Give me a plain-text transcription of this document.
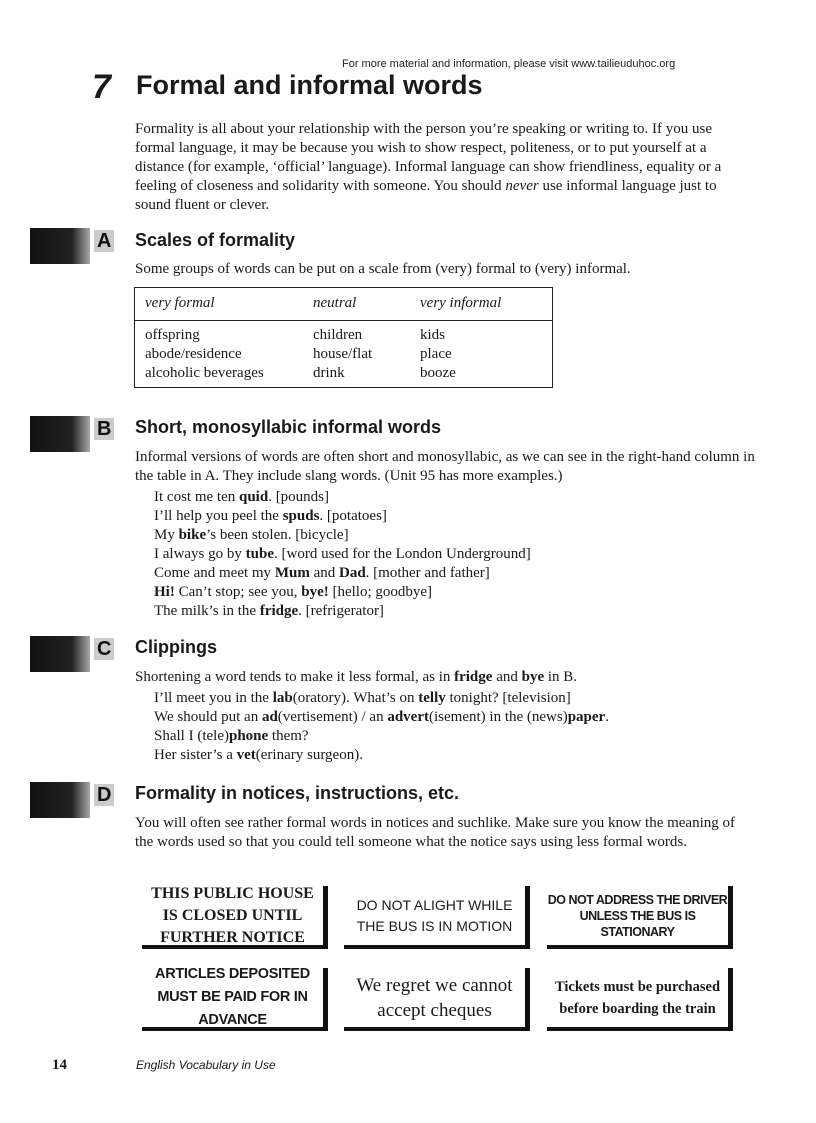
For more material and information, please visit www.tailieuduhoc.org
7 Formal and informal words

Formality is all about your relationship with the person you’re speaking or writing to. If you use formal language, it may be because you wish to show respect, politeness, or to put yourself at a distance (for example, ‘official’ language). Informal language can show friendliness, equality or a feeling of closeness and solidarity with someone. You should never use informal language just to sound fluent or clever.

A Scales of formality
Some groups of words can be put on a scale from (very) formal to (very) informal.
very formal	neutral	very informal
offspring	children	kids
abode/residence	house/flat	place
alcoholic beverages	drink	booze
B Short, monosyllabic informal words
Informal versions of words are often short and monosyllabic, as we can see in the right-hand column in the table in A. They include slang words. (Unit 95 has more examples.)
It cost me ten quid. [pounds]
I’ll help you peel the spuds. [potatoes]
My bike’s been stolen. [bicycle]
I always go by tube. [word used for the London Underground]
Come and meet my Mum and Dad. [mother and father]
Hi! Can’t stop; see you, bye! [hello; goodbye]
The milk’s in the fridge. [refrigerator]
C Clippings
Shortening a word tends to make it less formal, as in fridge and bye in B.
I’ll meet you in the lab(oratory). What’s on telly tonight? [television]
We should put an ad(vertisement) / an advert(isement) in the (news)paper.
Shall I (tele)phone them?
Her sister’s a vet(erinary surgeon).
D Formality in notices, instructions, etc.
You will often see rather formal words in notices and suchlike. Make sure you know the meaning of the words used so that you could tell someone what the notice says using less formal words.
THIS PUBLIC HOUSE IS CLOSED UNTIL FURTHER NOTICE
DO NOT ALIGHT WHILE THE BUS IS IN MOTION
DO NOT ADDRESS THE DRIVER UNLESS THE BUS IS STATIONARY
ARTICLES DEPOSITED MUST BE PAID FOR IN ADVANCE
We regret we cannot accept cheques
Tickets must be purchased before boarding the train
14	English Vocabulary in Use
